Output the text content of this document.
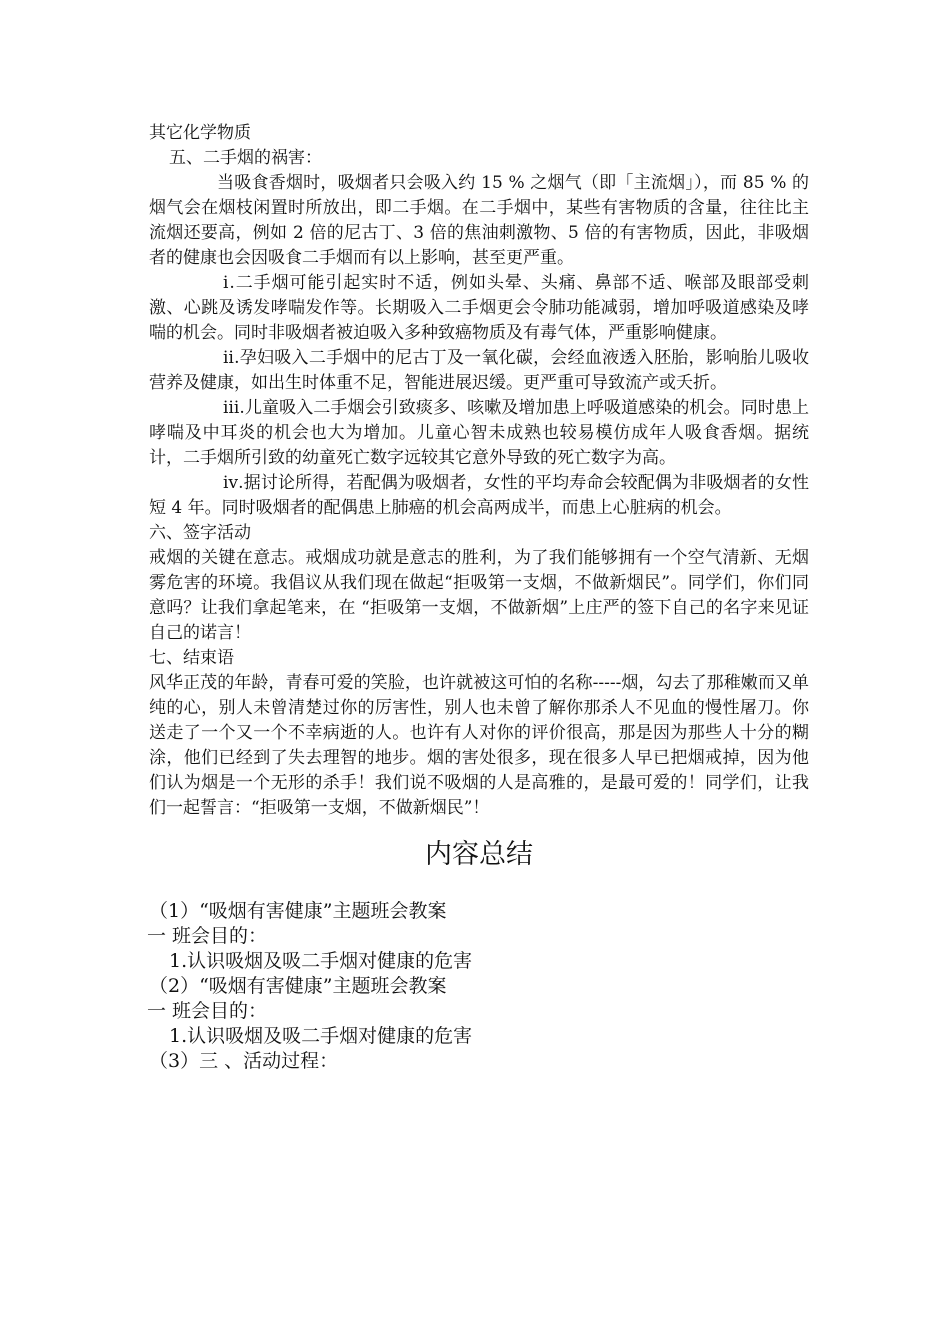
其它化学物质

五、二手烟的祸害：

当吸食香烟时，吸烟者只会吸入约 15 % 之烟气（即「主流烟」），而 85 % 的烟气会在烟枝闲置时所放出，即二手烟。在二手烟中，某些有害物质的含量，往往比主流烟还要高，例如 2 倍的尼古丁、3 倍的焦油刺激物、5 倍的有害物质，因此，非吸烟者的健康也会因吸食二手烟而有以上影响，甚至更严重。

ⅰ.二手烟可能引起实时不适，例如头晕、头痛、鼻部不适、喉部及眼部受刺激、心跳及诱发哮喘发作等。长期吸入二手烟更会令肺功能减弱，增加呼吸道感染及哮喘的机会。同时非吸烟者被迫吸入多种致癌物质及有毒气体，严重影响健康。

ⅱ.孕妇吸入二手烟中的尼古丁及一氧化碳，会经血液透入胚胎，影响胎儿吸收营养及健康，如出生时体重不足，智能进展迟缓。更严重可导致流产或夭折。

ⅲ.儿童吸入二手烟会引致痰多、咳嗽及增加患上呼吸道感染的机会。同时患上哮喘及中耳炎的机会也大为增加。儿童心智未成熟也较易模仿成年人吸食香烟。据统计，二手烟所引致的幼童死亡数字远较其它意外导致的死亡数字为高。

ⅳ.据讨论所得，若配偶为吸烟者，女性的平均寿命会较配偶为非吸烟者的女性短 4 年。同时吸烟者的配偶患上肺癌的机会高两成半，而患上心脏病的机会。

六、签字活动

戒烟的关键在意志。戒烟成功就是意志的胜利，为了我们能够拥有一个空气清新、无烟雾危害的环境。我倡议从我们现在做起“拒吸第一支烟，不做新烟民”。同学们，你们同意吗？让我们拿起笔来，在 “拒吸第一支烟，不做新烟”上庄严的签下自己的名字来见证自己的诺言！

七、结束语

风华正茂的年龄，青春可爱的笑脸，也许就被这可怕的名称-----烟，勾去了那稚嫩而又单纯的心，别人未曾清楚过你的厉害性，别人也未曾了解你那杀人不见血的慢性屠刀。你送走了一个又一个不幸病逝的人。也许有人对你的评价很高，那是因为那些人十分的糊涂，他们已经到了失去理智的地步。烟的害处很多，现在很多人早已把烟戒掉，因为他们认为烟是一个无形的杀手！我们说不吸烟的人是高雅的，是最可爱的！同学们，让我们一起誓言：“拒吸第一支烟，不做新烟民”！

内容总结

（1）“吸烟有害健康”主题班会教案

一 班会目的：

1.认识吸烟及吸二手烟对健康的危害

（2）“吸烟有害健康”主题班会教案

一 班会目的：

1.认识吸烟及吸二手烟对健康的危害

（3）三 、活动过程：
